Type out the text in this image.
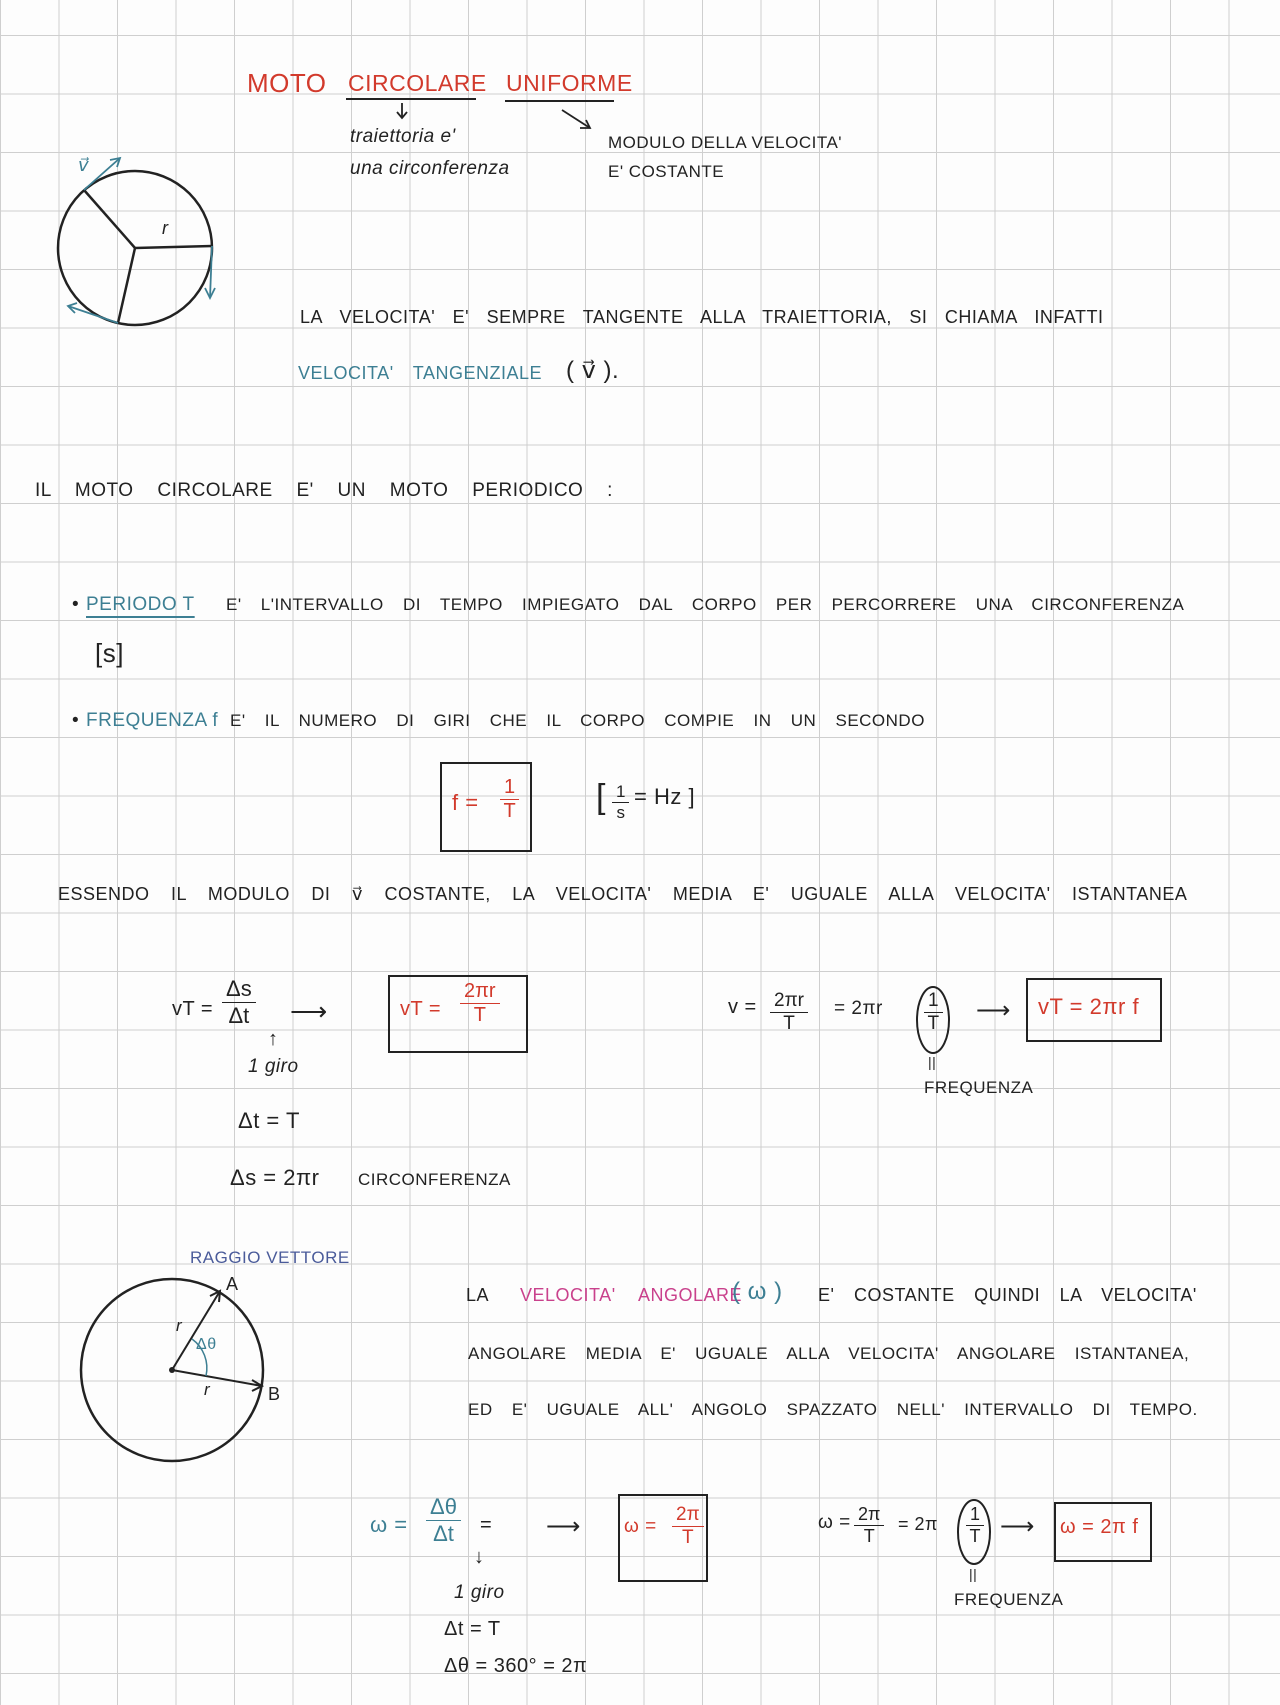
MOTO CIRCOLARE UNIFORME
traiettoria e'
una circonferenza
MODULO DELLA VELOCITA'
E' COSTANTE
r
v⃗
LA VELOCITA' E' SEMPRE TANGENTE ALLA TRAIETTORIA, SI CHIAMA INFATTI
VELOCITA' TANGENZIALE ( v⃗ ).
IL MOTO CIRCOLARE E' UN MOTO PERIODICO :
• PERIODO T E' L'INTERVALLO DI TEMPO IMPIEGATO DAL CORPO PER PERCORRERE UNA CIRCONFERENZA
[s]
• FREQUENZA f E' IL NUMERO DI GIRI CHE IL CORPO COMPIE IN UN SECONDO
$f = \frac{1}{T}$ [ $\frac{1}{s} = Hz$ ]
ESSENDO IL MODULO DI v⃗ COSTANTE, LA VELOCITA' MEDIA E' UGUALE ALLA VELOCITA' ISTANTANEA
vT = $\frac{\Delta s}{\Delta t}$ ⟶
↑
1 giro
Δt = T
Δs = 2πr CIRCONFERENZA
vT = $\frac{2\pi r}{T}$	$v = \frac{2\pi r}{T} = 2\pi r \frac{1}{T}$ ⟶
||
FREQUENZA
vT = 2πr f
RAGGIO VETTORE
A
B
r
r
Δθ
LA VELOCITA' ANGOLARE
( ω ) E' COSTANTE QUINDI LA VELOCITA'
ANGOLARE MEDIA E' UGUALE ALLA VELOCITA' ANGOLARE ISTANTANEA,
ED E' UGUALE ALL' ANGOLO SPAZZATO NELL' INTERVALLO DI TEMPO.
$\omega = \frac{\Delta\theta}{\Delta t}$ = ⟶
↓
1 giro
Δt = T
Δθ = 360° = 2π
$\omega = \frac{2\pi}{T}$	$\omega = \frac{2\pi}{T} = 2\pi \frac{1}{T}$ ⟶
||
FREQUENZA
ω = 2π f
